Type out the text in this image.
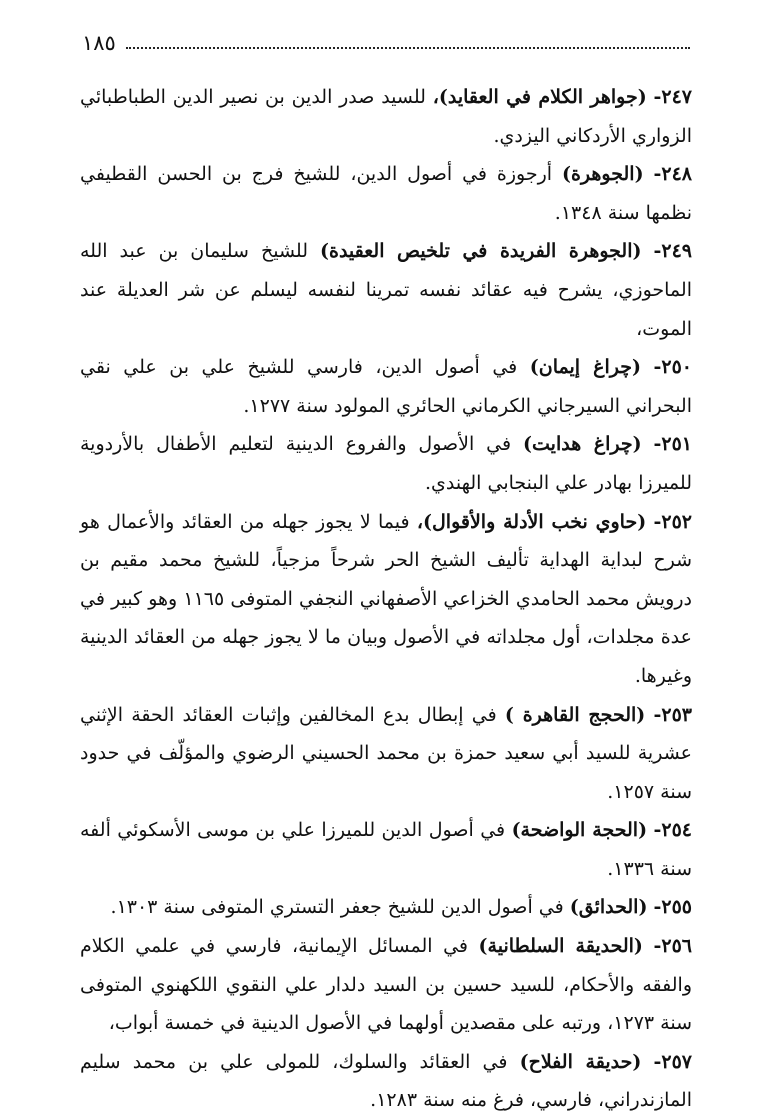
١٨٥

٢٤٧- (جواهر الكلام في العقايد)، للسيد صدر الدين بن نصير الدين الطباطبائي الزواري الأردكاني اليزدي.

٢٤٨- (الجوهرة) أرجوزة في أصول الدين، للشيخ فرج بن الحسن القطيفي نظمها سنة ١٣٤٨.

٢٤٩- (الجوهرة الفريدة في تلخيص العقيدة) للشيخ سليمان بن عبد الله الماحوزي، يشرح فيه عقائد نفسه تمرينا لنفسه ليسلم عن شر العديلة عند الموت،

٢٥٠- (چراغ إيمان) في أصول الدين، فارسي للشيخ علي بن علي نقي البحراني السيرجاني الكرماني الحائري المولود سنة ١٢٧٧.

٢٥١- (چراغ هدايت) في الأصول والفروع الدينية لتعليم الأطفال بالأردوية للميرزا بهادر علي البنجابي الهندي.

٢٥٢- (حاوي نخب الأدلة والأقوال)، فيما لا يجوز جهله من العقائد والأعمال هو شرح لبداية الهداية تأليف الشيخ الحر شرحاً مزجياً، للشيخ محمد مقيم بن درويش محمد الحامدي الخزاعي الأصفهاني النجفي المتوفى ١١٦٥ وهو كبير في عدة مجلدات، أول مجلداته في الأصول وبيان ما لا يجوز جهله من العقائد الدينية وغيرها.

٢٥٣- (الحجج القاهرة ) في إبطال بدع المخالفين وإثبات العقائد الحقة الإثني عشرية للسيد أبي سعيد حمزة بن محمد الحسيني الرضوي والمؤلّف في حدود سنة ١٢٥٧.

٢٥٤- (الحجة الواضحة) في أصول الدين للميرزا علي بن موسى الأسكوئي ألفه سنة ١٣٣٦.

٢٥٥- (الحدائق) في أصول الدين للشيخ جعفر التستري المتوفى سنة ١٣٠٣.

٢٥٦- (الحديقة السلطانية) في المسائل الإيمانية، فارسي في علمي الكلام والفقه والأحكام، للسيد حسين بن السيد دلدار علي النقوي اللكهنوي المتوفى سنة ١٢٧٣، ورتبه على مقصدين أولهما في الأصول الدينية في خمسة أبواب،

٢٥٧- (حديقة الفلاح) في العقائد والسلوك، للمولى علي بن محمد سليم المازندراني، فارسي، فرغ منه سنة ١٢٨٣.
